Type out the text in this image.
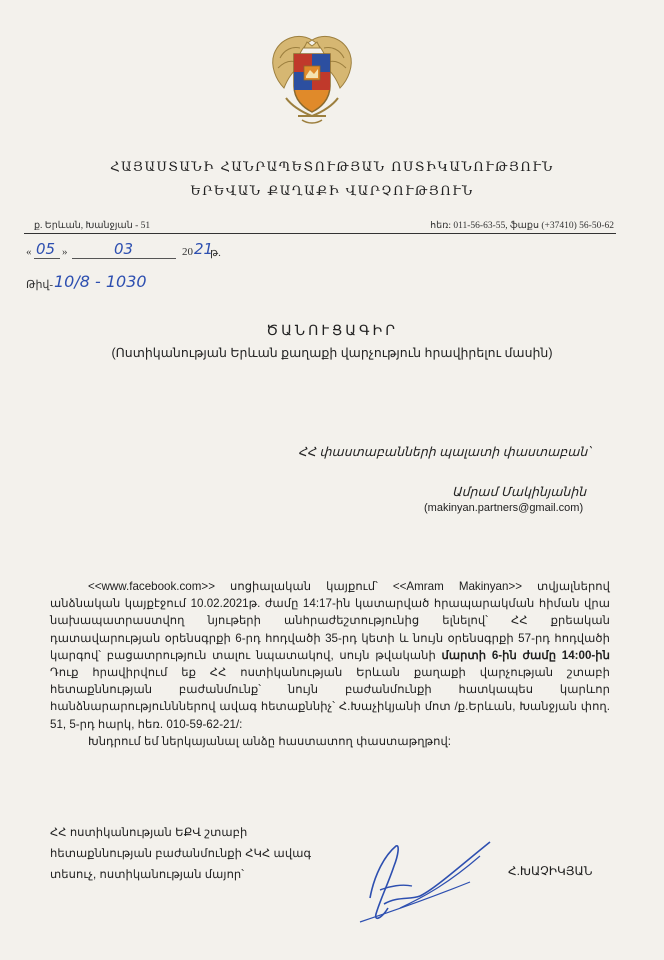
ՀԱՅԱՍՏԱՆԻ ՀԱՆՐԱՊԵՏՈՒԹՅԱՆ ՈՍՏԻԿԱՆՈՒԹՅՈՒՆ
ԵՐԵՎԱՆ ՔԱՂԱՔԻ ՎԱՐՉՈՒԹՅՈՒՆ
ք. Երևան, Խանջյան - 51	հեռ: 011-56-63-55, ֆաքս (+37410) 56-50-62
« 05 »	03	20 21
թ.
Թիվ- 10/8 - 1030
ԾԱՆՈՒՑԱԳԻՐ
(Ոստիկանության Երևան քաղաքի վարչություն հրավիրելու մասին)
ՀՀ փաստաբանների պալատի փաստաբան՝
Ամրամ Մակինյանին
(makinyan.partners@gmail.com)

<<www.facebook.com>> սոցիալական կայքում՝ <<Amram Makinyan>> տվյալներով անձնական կայքէջում 10.02.2021թ. ժամը 14:17-ին կատարված հրապարակման հիման վրա նախապատրաստվող նյութերի անհրաժեշտությունից ելնելով՝ ՀՀ քրեական դատավարության օրենսգրքի 6-րդ հոդվածի 35-րդ կետի և նույն օրենսգրքի 57-րդ հոդվածի կարգով՝ բացատրություն տալու նպատակով, սույն թվականի մարտի 6-ին ժամը 14:00-ին Դուք հրավիրվում եք ՀՀ ոստիկանության Երևան քաղաքի վարչության շտաբի հետաքննության բաժանմունք՝ նույն բաժանմունքի հատկապես կարևոր հանձնարարությունններով ավագ հետաքննիչ՝ Հ.Խաչիկյանի մոտ /ք.Երևան, Խանջյան փող. 51, 5-րդ հարկ, հեռ. 010-59-62-21/:

Խնդրում եմ ներկայանալ անձը հաստատող փաստաթղթով:

ՀՀ ոստիկանության ԵՔՎ շտաբի
հետաքննության բաժանմունքի ՀԿՀ ավագ
տեսուչ, ոստիկանության մայոր՝	Հ.ԽԱՉԻԿՅԱՆ
